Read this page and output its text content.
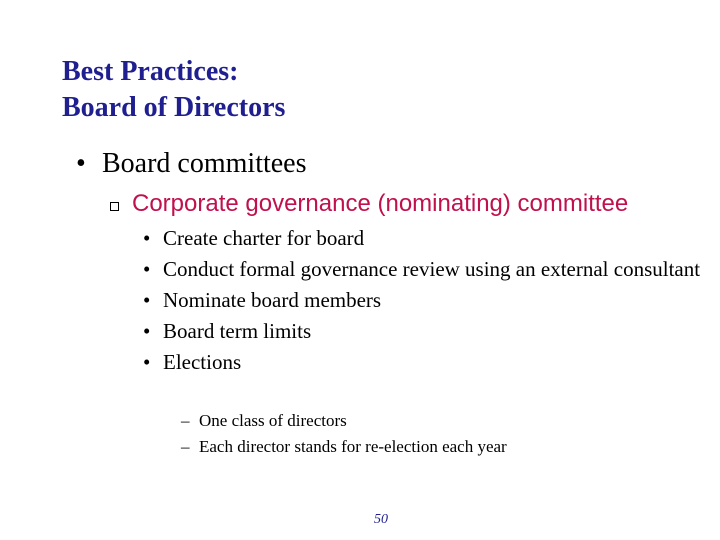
Best Practices:
Board of Directors
• Board committees
Corporate governance (nominating) committee
• Create charter for board
• Conduct formal governance review using an external consultant
• Nominate board members
• Board term limits
• Elections
– One class of directors
– Each director stands for re-election each year
50
